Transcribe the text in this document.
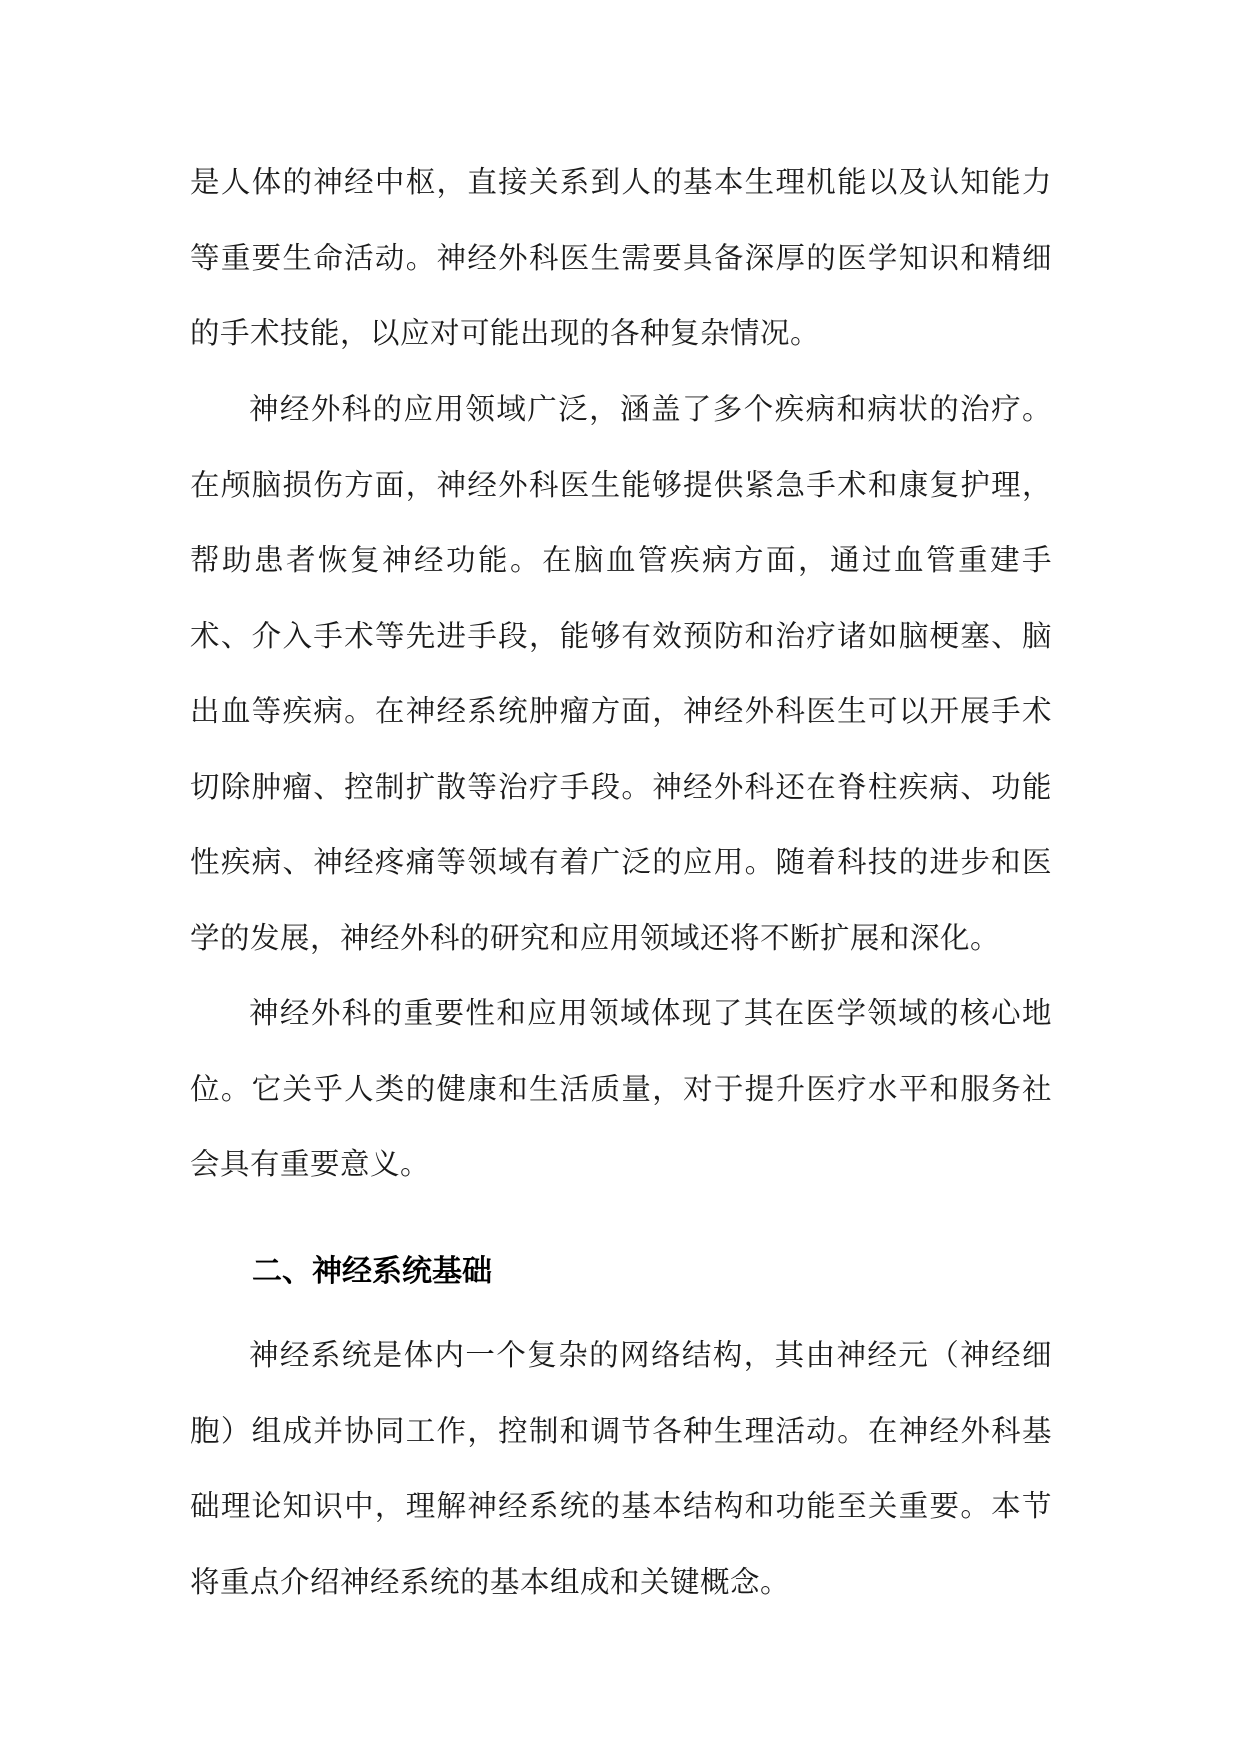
是人体的神经中枢，直接关系到人的基本生理机能以及认知能力等重要生命活动。神经外科医生需要具备深厚的医学知识和精细的手术技能，以应对可能出现的各种复杂情况。

神经外科的应用领域广泛，涵盖了多个疾病和病状的治疗。在颅脑损伤方面，神经外科医生能够提供紧急手术和康复护理，帮助患者恢复神经功能。在脑血管疾病方面，通过血管重建手术、介入手术等先进手段，能够有效预防和治疗诸如脑梗塞、脑出血等疾病。在神经系统肿瘤方面，神经外科医生可以开展手术切除肿瘤、控制扩散等治疗手段。神经外科还在脊柱疾病、功能性疾病、神经疼痛等领域有着广泛的应用。随着科技的进步和医学的发展，神经外科的研究和应用领域还将不断扩展和深化。

神经外科的重要性和应用领域体现了其在医学领域的核心地位。它关乎人类的健康和生活质量，对于提升医疗水平和服务社会具有重要意义。

二、神经系统基础

神经系统是体内一个复杂的网络结构，其由神经元（神经细胞）组成并协同工作，控制和调节各种生理活动。在神经外科基础理论知识中，理解神经系统的基本结构和功能至关重要。本节将重点介绍神经系统的基本组成和关键概念。
